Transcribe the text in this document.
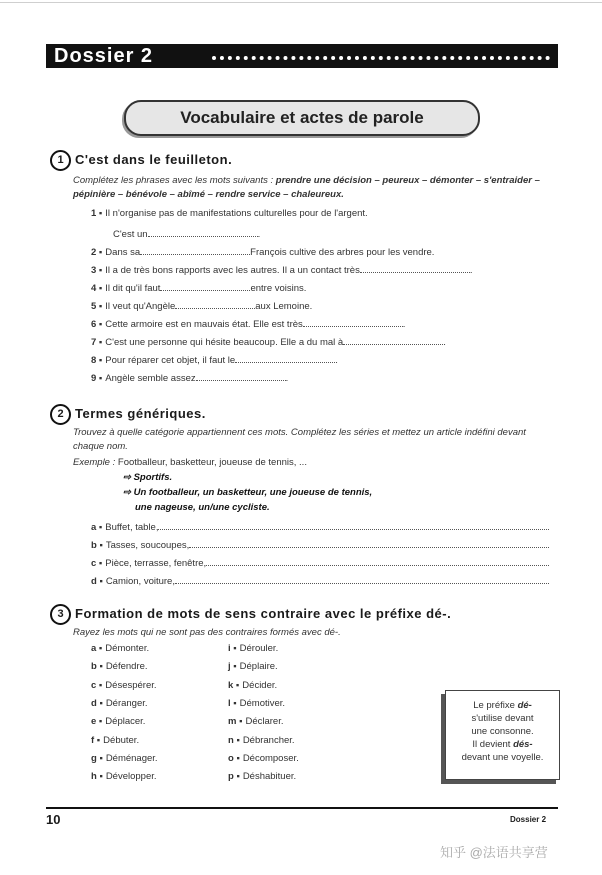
Dossier 2
Vocabulaire et actes de parole
1 C'est dans le feuilleton.
Complétez les phrases avec les mots suivants : prendre une décision – peureux – démonter – s'entraider – pépinière – bénévole – abîmé – rendre service – chaleureux.
1 ▪ Il n'organise pas de manifestations culturelles pour de l'argent.
C'est un	.
2 ▪ Dans sa	François cultive des arbres pour les vendre.
3 ▪ Il a de très bons rapports avec les autres. Il a un contact très	.
4 ▪ Il dit qu'il faut	entre voisins.
5 ▪ Il veut qu'Angèle	aux Lemoine.
6 ▪ Cette armoire est en mauvais état. Elle est très	.
7 ▪ C'est une personne qui hésite beaucoup. Elle a du mal à	.
8 ▪ Pour réparer cet objet, il faut le	.
9 ▪ Angèle semble assez	.
2 Termes génériques.
Trouvez à quelle catégorie appartiennent ces mots. Complétez les séries et mettez un article indéfini devant chaque nom.
Exemple : Footballeur, basketteur, joueuse de tennis, ...
⇨ Sportifs.
⇨ Un footballeur, un basketteur, une joueuse de tennis,
une nageuse, un/une cycliste.
a ▪ Buffet, table,
b ▪ Tasses, soucoupes,
c ▪ Pièce, terrasse, fenêtre,
d ▪ Camion, voiture,
3 Formation de mots de sens contraire avec le préfixe dé-.
Rayez les mots qui ne sont pas des contraires formés avec dé-.
a ▪ Démonter.
b ▪ Défendre.
c ▪ Désespérer.
d ▪ Déranger.
e ▪ Déplacer.
f ▪ Débuter.
g ▪ Déménager.
h ▪ Développer.
i ▪ Dérouler.
j ▪ Déplaire.
k ▪ Décider.
l ▪ Démotiver.
m ▪ Déclarer.
n ▪ Débrancher.
o ▪ Décomposer.
p ▪ Déshabituer.
Le préfixe dé-
s'utilise devant
une consonne.
Il devient dés-
devant une voyelle.
10	Dossier 2
知乎 @法语共享营
